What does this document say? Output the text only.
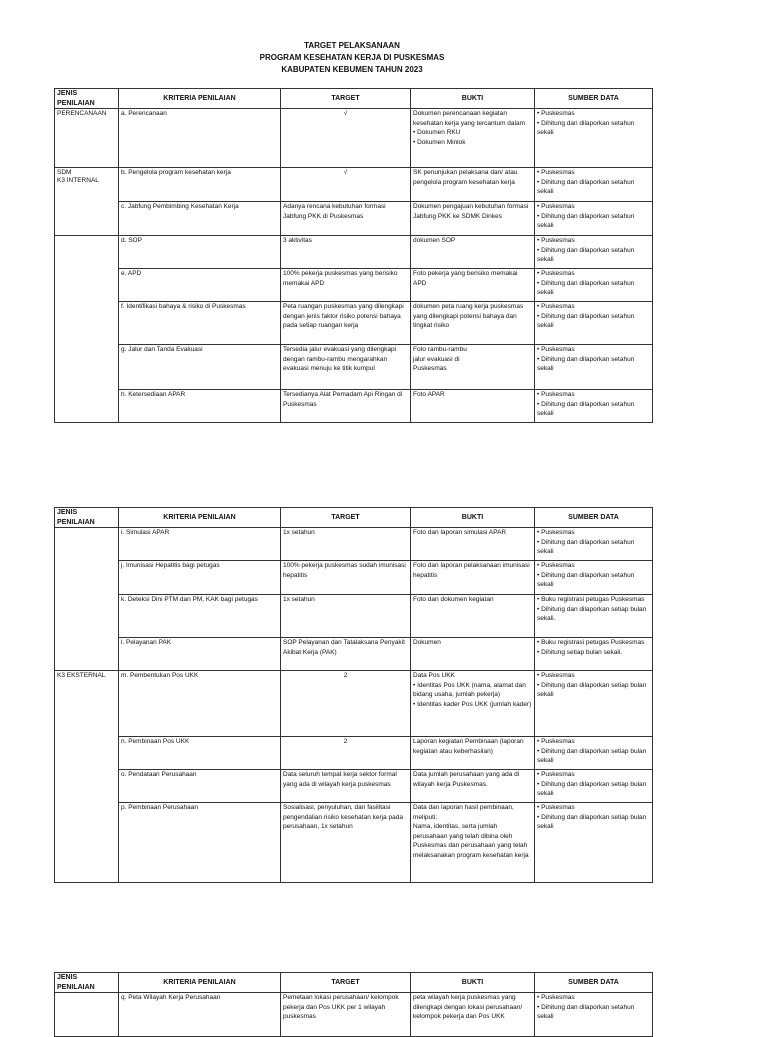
TARGET PELAKSANAAN
PROGRAM KESEHATAN KERJA DI PUSKESMAS
KABUPATEN KEBUMEN TAHUN 2023
JENIS PENILAIAN	KRITERIA PENILAIAN	TARGET	BUKTI	SUMBER DATA
PERENCANAAN	a. Perencanaan	√	Dokumen perencanaan kegiatan kesehatan kerja yang tercantum dalam
• Dokumen RKU
• Dokumen Minlok	• Puskesmas
• Dihitung dan dilaporkan setahun sekali

SDM	b. Pengelola program kesehatan kerja	√	SK penunjukan pelaksana dan/ atau pengelola program kesehatan kerja	• Puskesmas
• Dihitung dan dilaporkan setahun sekali

	c. Jabfung Pembimbing Kesehatan Kerja	Adanya rencana kebutuhan formasi Jabfung PKK di Puskesmas	Dokumen pengajuan kebutuhan formasi Jabfung PKK ke SDMK Dinkes	• Puskesmas
• Dihitung dan dilaporkan setahun sekali

K3 INTERNAL	d. SOP	3 aktivitas	dokumen SOP	• Puskesmas
• Dihitung dan dilaporkan setahun sekali

	e. APD	100% pekerja puskesmas yang berisiko memakai APD	Foto pekerja yang berisiko memakai APD	• Puskesmas
• Dihitung dan dilaporkan setahun sekali

	f. Identifikasi bahaya & risiko di Puskesmas	Peta ruangan puskesmas yang dilengkapi dengan jenis faktor risiko potensi bahaya pada setiap ruangan kerja	dokumen peta ruang kerja puskesmas yang dilengkapi potensi bahaya dan tingkat risiko	• Puskesmas
• Dihitung dan dilaporkan setahun sekali

	g. Jalur dan Tanda Evakuasi	Tersedia jalur evakuasi yang dilengkapi dengan rambu-rambu mengarahkan evakuasi menuju ke titik kumpul	Foto rambu-rambu
jalur evakuasi di
Puskesmas	• Puskesmas
• Dihitung dan dilaporkan setahun sekali

	h. Ketersediaan APAR	Tersedianya Alat Pemadam Api Ringan di Puskesmas	Foto APAR	• Puskesmas
• Dihitung dan dilaporkan setahun sekali
JENIS PENILAIAN	KRITERIA PENILAIAN	TARGET	BUKTI	SUMBER DATA
	i. Simulasi APAR	1x setahun	Foto dan laporan simulasi APAR	• Puskesmas
• Dihitung dan dilaporkan setahun sekali

	j. Imunisasi Hepatitis bagi petugas	100% pekerja puskesmas sudah imunisasi hepatitis	Foto dan laporan pelaksanaan imunisasi hepatitis	• Puskesmas
• Dihitung dan dilaporkan setahun sekali

	k. Deteksi Dini PTM dan PM, KAK bagi petugas	1x setahun	Foto dan dokumen kegiatan	• Buku registrasi petugas Puskesmas
• Dihitung dan dilaporkan setiap bulan sekali.

	l. Pelayanan PAK	SOP Pelayanan dan Tatalaksana Penyakit Akibat Kerja (PAK)	Dokumen	• Buku registrasi petugas Puskesmas
• Dihitung setiap bulan sekali.

K3 EKSTERNAL	m. Pembentukan Pos UKK	2	Data Pos UKK
• Identitas Pos UKK (nama, alamat dan bidang usaha, jumlah pekerja)
• Identitas kader Pos UKK (jumlah kader)	• Puskesmas
• Dihitung dan dilaporkan setiap bulan sekali

	n. Pembinaan Pos UKK	2	Laporan kegiatan Pembinaan (laporan kegiatan atau keberhasilan)	• Puskesmas
• Dihitung dan dilaporkan setiap bulan sekali

	o. Pendataan Perusahaan	Data seluruh tempat kerja sektor formal yang ada di wilayah kerja puskesmas	Data jumlah perusahaan yang ada di wilayah kerja Puskesmas.	• Puskesmas
• Dihitung dan dilaporkan setiap bulan sekali

	p. Pembinaan Perusahaan	Sosialisasi, penyuluhan, dan fasilitasi pengendalian risiko kesehatan kerja pada perusahaan, 1x setahun	Data dan laporan hasil pembinaan, meliputi:
Nama, identitas, serta jumlah perusahaan yang telah dibina oleh Puskesmas dan perusahaan yang telah melaksanakan program kesehatan kerja	• Puskesmas
• Dihitung dan dilaporkan setiap bulan sekali
JENIS PENILAIAN	KRITERIA PENILAIAN	TARGET	BUKTI	SUMBER DATA
	q. Peta Wilayah Kerja Perusahaan	Pemetaan lokasi perusahaan/ kelompok pekerja dan Pos UKK per 1 wilayah puskesmas	peta wilayah kerja puskesmas yang dilengkapi dengan lokasi perusahaan/ kelompok pekerja dan Pos UKK	• Puskesmas
• Dihitung dan dilaporkan setahun sekali
